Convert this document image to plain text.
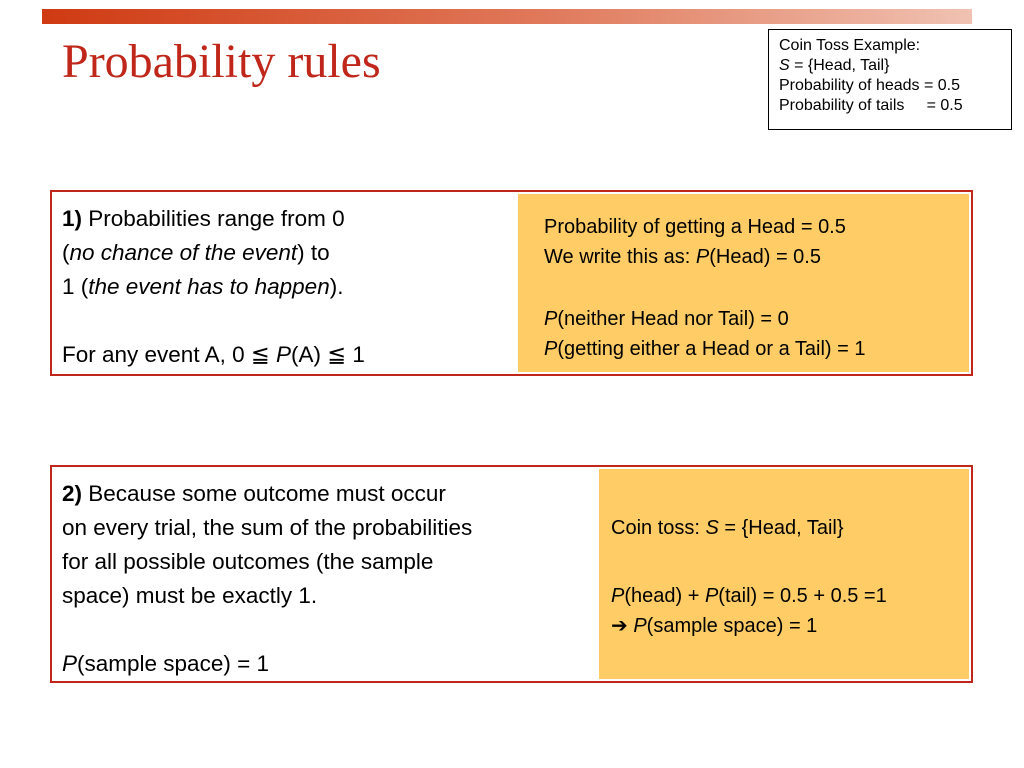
Probability rules	Coin Toss Example:
S = {Head, Tail}
Probability of heads = 0.5
Probability of tails     = 0.5
1) Probabilities range from 0
(no chance of the event) to
1 (the event has to happen).
For any event A, 0 ≦ P(A) ≦ 1
Probability of getting a Head = 0.5
We write this as: P(Head) = 0.5
P(neither Head nor Tail) = 0
P(getting either a Head or a Tail) = 1
2) Because some outcome must occur
on every trial, the sum of the probabilities
for all possible outcomes (the sample
space) must be exactly 1.
P(sample space) = 1
Coin toss: S = {Head, Tail}
P(head) + P(tail) = 0.5 + 0.5 =1
➔ P(sample space) = 1
